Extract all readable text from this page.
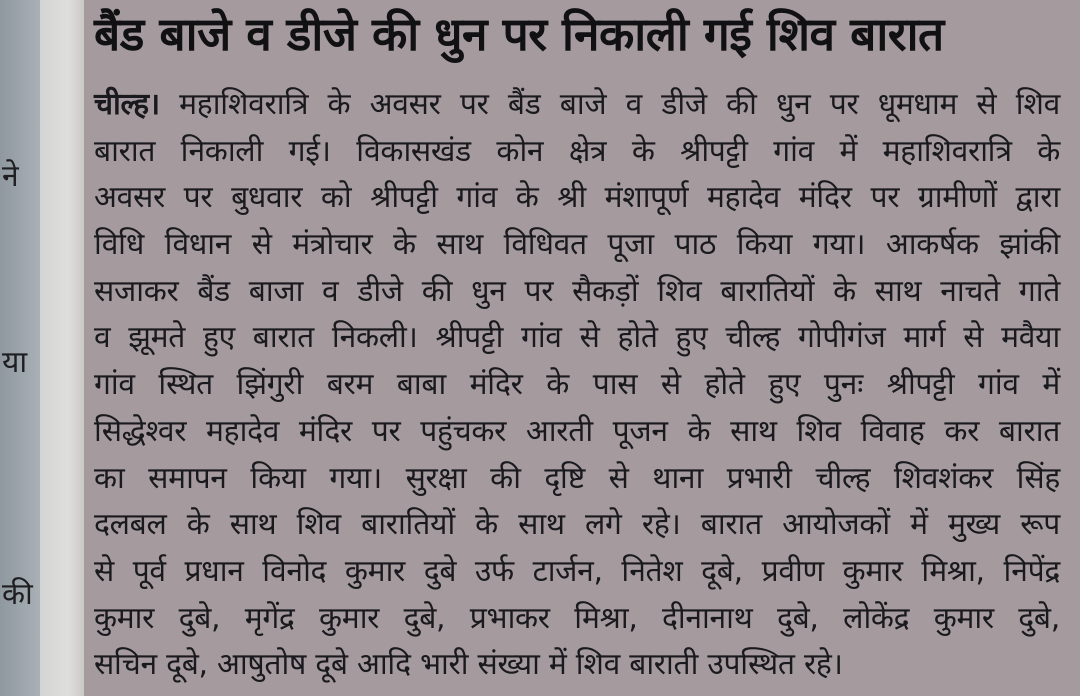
ने
या
की
बैंड बाजे व डीजे की धुन पर निकाली गई शिव बारात
चील्ह। महाशिवरात्रि के अवसर पर बैंड बाजे व डीजे की धुन पर धूमधाम से शिव
बारात निकाली गई। विकासखंड कोन क्षेत्र के श्रीपट्टी गांव में महाशिवरात्रि के
अवसर पर बुधवार को श्रीपट्टी गांव के श्री मंशापूर्ण महादेव मंदिर पर ग्रामीणों द्वारा
विधि विधान से मंत्रोचार के साथ विधिवत पूजा पाठ किया गया। आकर्षक झांकी
सजाकर बैंड बाजा व डीजे की धुन पर सैकड़ों शिव बारातियों के साथ नाचते गाते
व झूमते हुए बारात निकली। श्रीपट्टी गांव से होते हुए चील्ह गोपीगंज मार्ग से मवैया
गांव स्थित झिंगुरी बरम बाबा मंदिर के पास से होते हुए पुनः श्रीपट्टी गांव में
सिद्धेश्वर महादेव मंदिर पर पहुंचकर आरती पूजन के साथ शिव विवाह कर बारात
का समापन किया गया। सुरक्षा की दृष्टि से थाना प्रभारी चील्ह शिवशंकर सिंह
दलबल के साथ शिव बारातियों के साथ लगे रहे। बारात आयोजकों में मुख्य रूप
से पूर्व प्रधान विनोद कुमार दुबे उर्फ टार्जन, नितेश दूबे, प्रवीण कुमार मिश्रा, निपेंद्र
कुमार दुबे, मृगेंद्र कुमार दुबे, प्रभाकर मिश्रा, दीनानाथ दुबे, लोकेंद्र कुमार दुबे,
सचिन दूबे, आषुतोष दूबे आदि भारी संख्या में शिव बाराती उपस्थित रहे।
